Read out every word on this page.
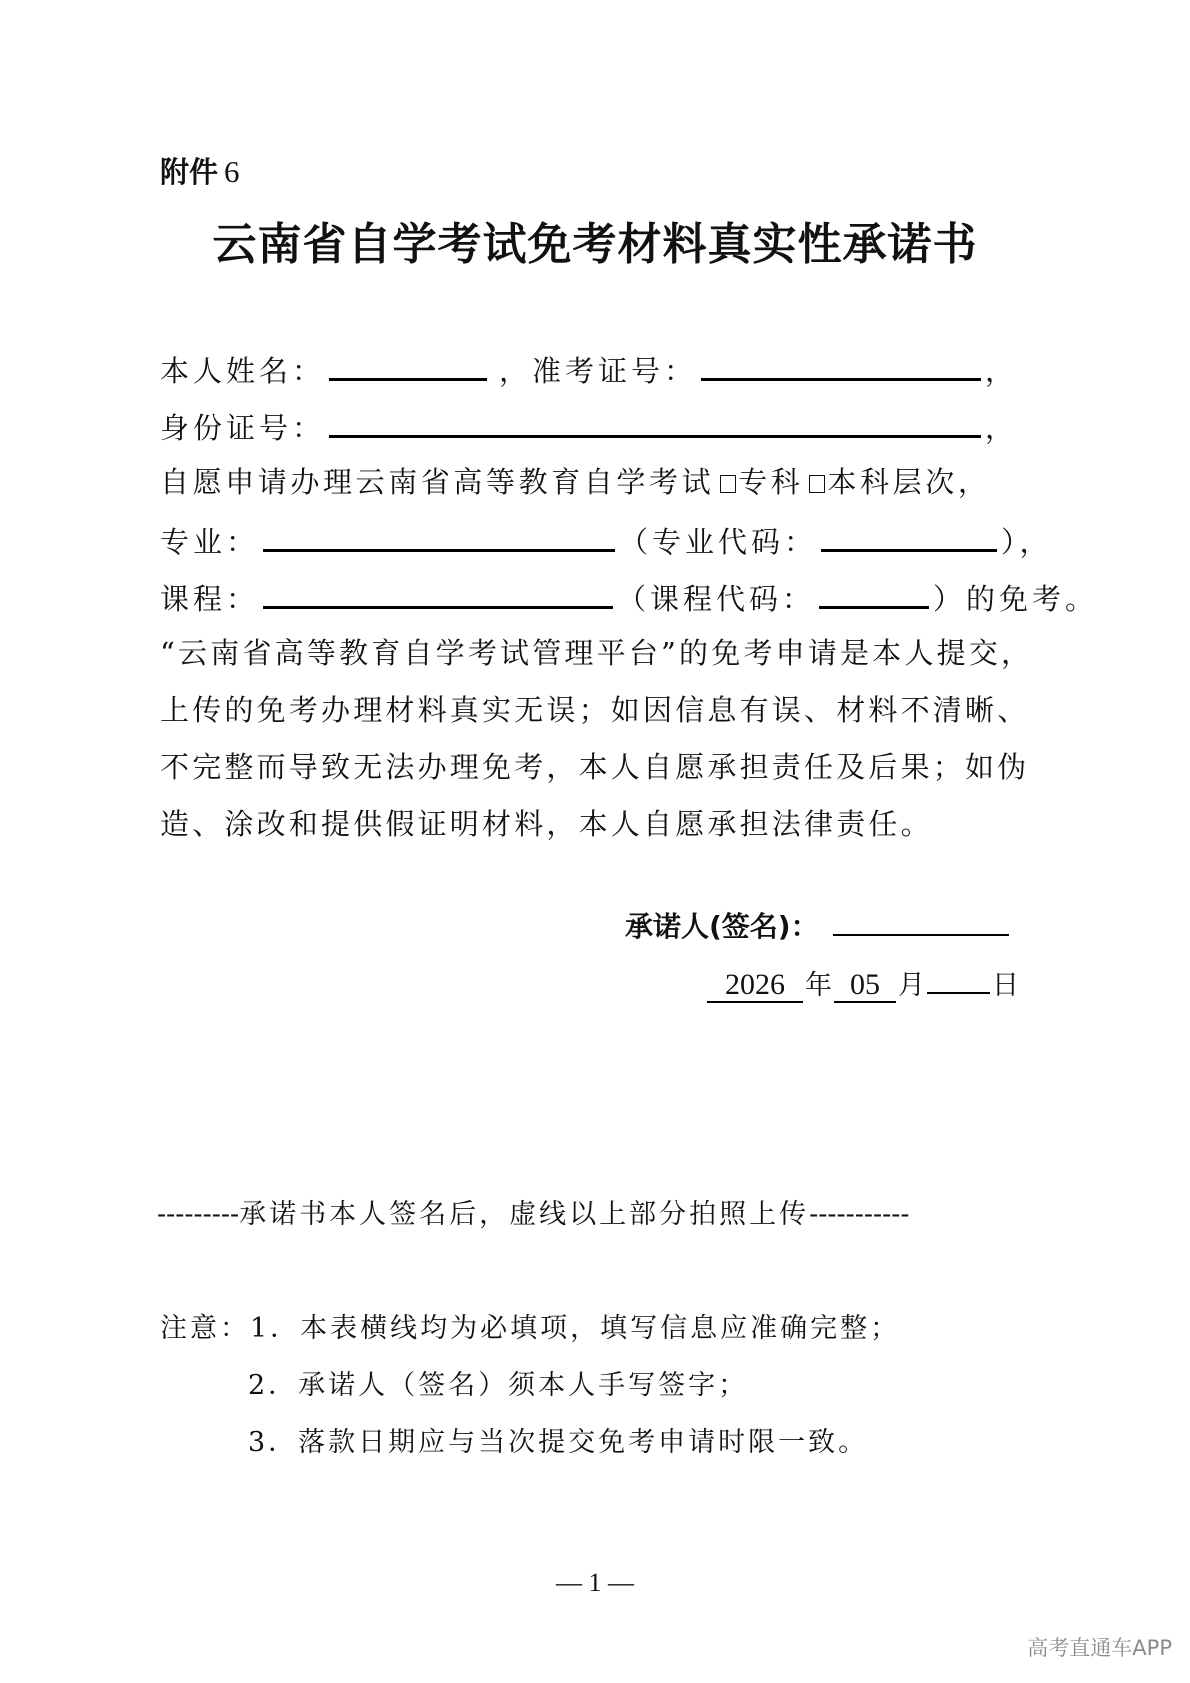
附件 6
云南省自学考试免考材料真实性承诺书
本人姓名：	，准考证号：	，
身份证号：	，
自愿申请办理云南省高等教育自学考试 专科 本科层次，
专业：	（专业代码：	），
课程：	（课程代码：	）的免考。
“云南省高等教育自学考试管理平台”的免考申请是本人提交，
上传的免考办理材料真实无误；如因信息有误、材料不清晰、
不完整而导致无法办理免考，本人自愿承担责任及后果；如伪
造、涂改和提供假证明材料，本人自愿承担法律责任。
承诺人(签名)：
2026 年 05 月 日
---------承诺书本人签名后，虚线以上部分拍照上传-----------
注意：1．本表横线均为必填项，填写信息应准确完整；
2．承诺人（签名）须本人手写签字；
3．落款日期应与当次提交免考申请时限一致。
— 1 —
高考直通车APP
